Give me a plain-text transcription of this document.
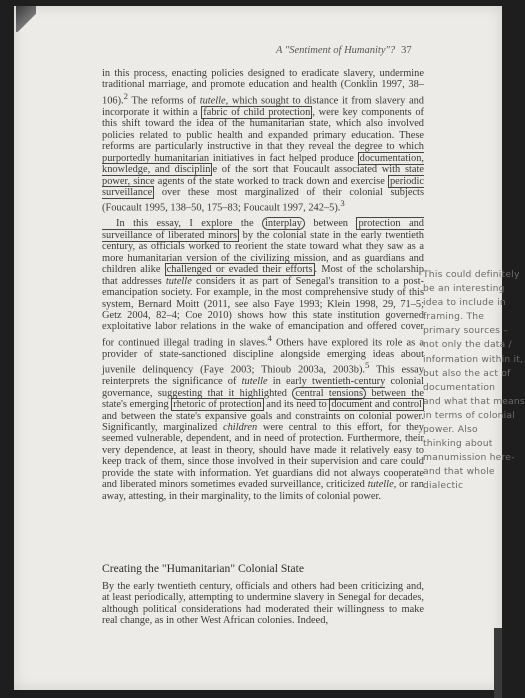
A "Sentiment of Humanity"? 37

in this process, enacting policies designed to eradicate slavery, undermine traditional marriage, and promote education and health (Conklin 1997, 38–106).$^2$ The reforms of tutelle, which sought to distance it from slavery and incorporate it within a fabric of child protection , were key components of this shift toward the idea of the humanitarian state, which also involved policies related to public health and expanded primary education. These reforms are particularly instructive in that they reveal the degree to which purportedly humanitarian initiatives in fact helped produce documentation, knowledge, and disciplin e of the sort that Foucault associated with state power, since agents of the state worked to track down and exercise periodic surveillance over these most marginalized of their colonial subjects (Foucault 1995, 138–50, 175–83; Foucault 1997, 242–5).$^3$

In this essay, I explore the interplay between protection and surveillance of liberated minors by the colonial state in the early twentieth century, as officials worked to reorient the state toward what they saw as a more humanitarian version of the civilizing mission, and as guardians and children alike challenged or evaded their efforts . Most of the scholarship that addresses tutelle considers it as part of Senegal's transition to a post-emancipation society. For example, in the most comprehensive study of this system, Bernard Moitt (2011, see also Faye 1993; Klein 1998, 29, 71–5; Getz 2004, 82–4; Coe 2010) shows how this state institution governed exploitative labor relations in the wake of emancipation and offered cover for continued illegal trading in slaves.$^4$ Others have explored its role as a provider of state-sanctioned discipline alongside emerging ideas about juvenile delinquency (Faye 2003; Thioub 2003a, 2003b).$^5$ This essay reinterprets the significance of tutelle in early twentieth-century colonial governance, suggesting that it highlighted central tensions between the state's emerging rhetoric of protection and its need to document and control and between the state's expansive goals and constraints on colonial power. Significantly, marginalized children were central to this effort, for they seemed vulnerable, dependent, and in need of protection. Furthermore, their very dependence, at least in theory, should have made it relatively easy to keep track of them, since those involved in their supervision and care could provide the state with information. Yet guardians did not always cooperate and liberated minors sometimes evaded surveillance, criticized tutelle, or ran away, attesting, in their marginality, to the limits of colonial power.

Creating the "Humanitarian" Colonial State

By the early twentieth century, officials and others had been criticizing and, at least periodically, attempting to undermine slavery in Senegal for decades, although political considerations had moderated their willingness to make real change, as in other West African colonies. Indeed,

This could definitely
be an interesting
idea to include in
framing. The
primary sources –
not only the data /
information within it,
but also the act of
documentation
and what that means
in terms of colonial
power. Also
thinking about
manumission here-
and that whole
dialectic
